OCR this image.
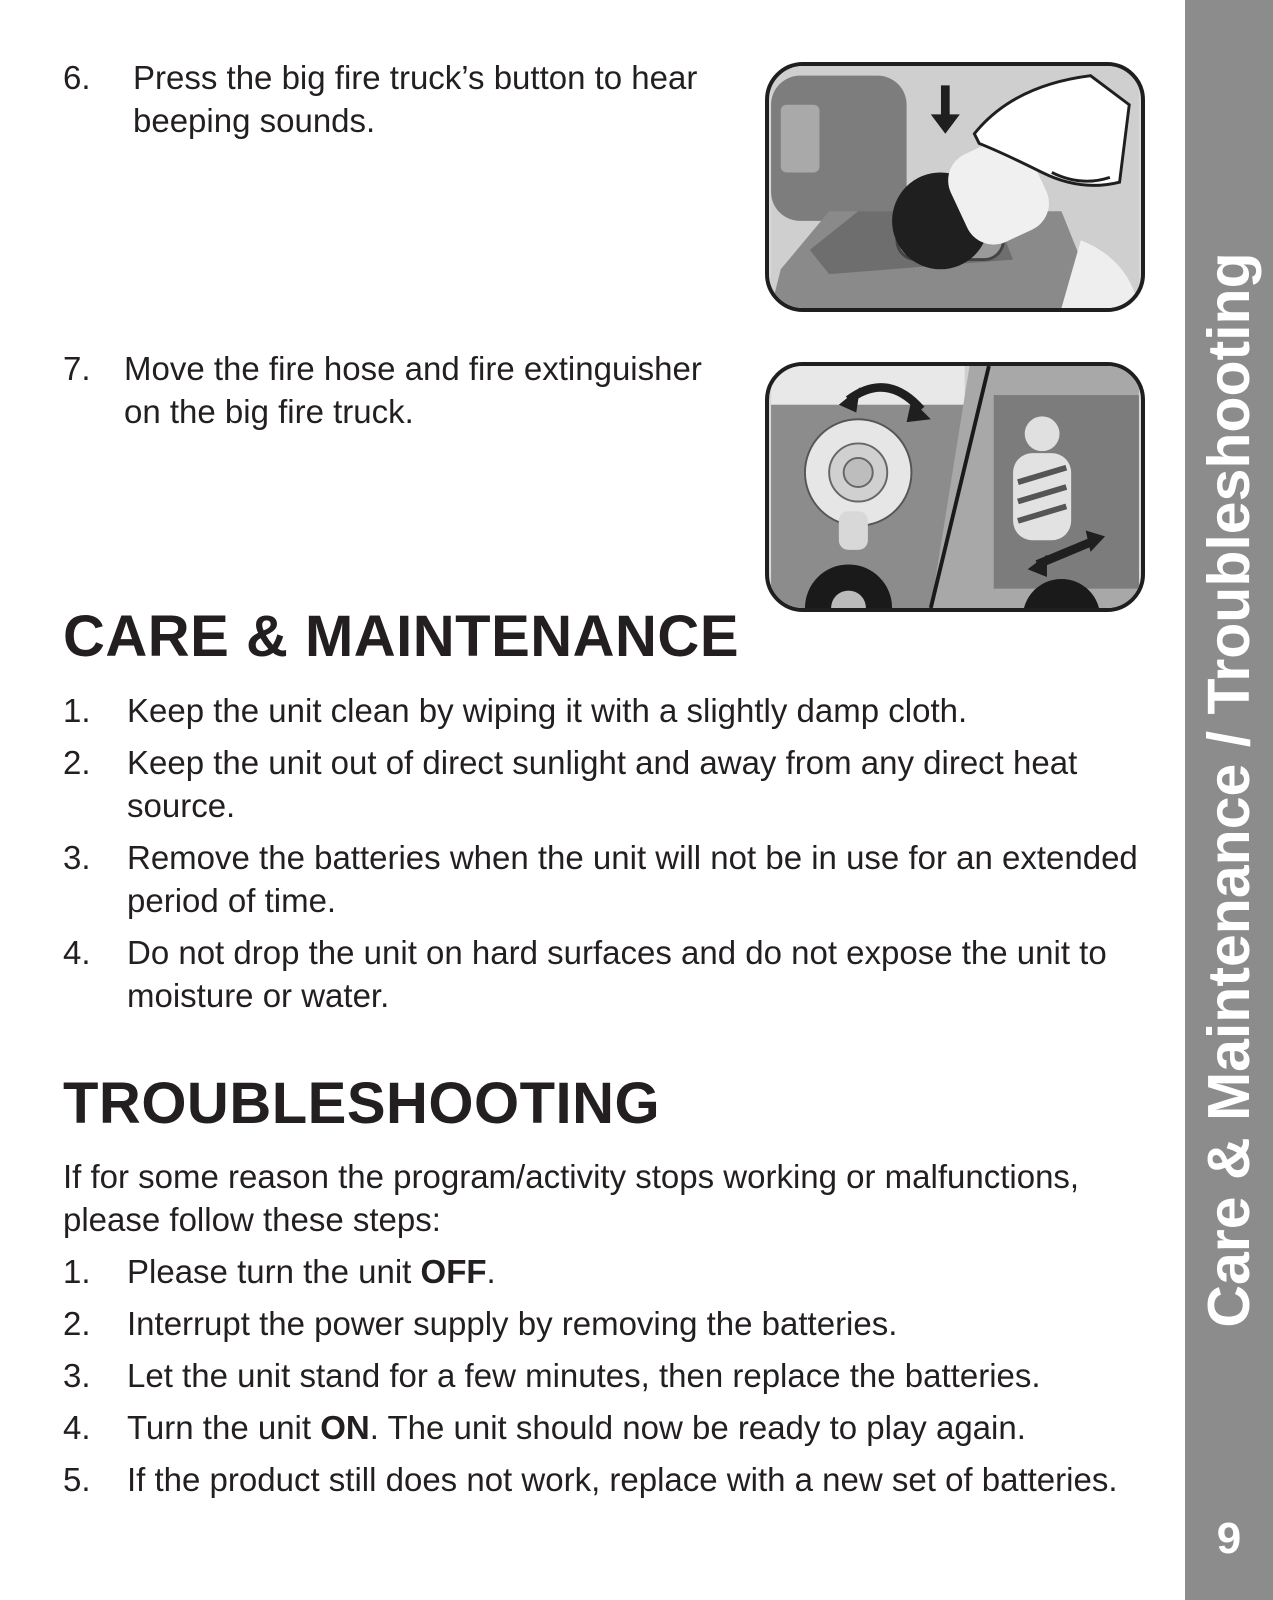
Care & Maintenance / Troubleshooting
9
6. Press the big fire truck’s button to hear beeping sounds.
7. Move the fire hose and fire extinguisher on the big fire truck.
CARE & MAINTENANCE
1. Keep the unit clean by wiping it with a slightly damp cloth.
2. Keep the unit out of direct sunlight and away from any direct heat source.
3. Remove the batteries when the unit will not be in use for an extended period of time.
4. Do not drop the unit on hard surfaces and do not expose the unit to moisture or water.
TROUBLESHOOTING

If for some reason the program/activity stops working or malfunctions, please follow these steps:

1. Please turn the unit OFF.
2. Interrupt the power supply by removing the batteries.
3. Let the unit stand for a few minutes, then replace the batteries.
4. Turn the unit ON. The unit should now be ready to play again.
5. If the product still does not work, replace with a new set of batteries.
